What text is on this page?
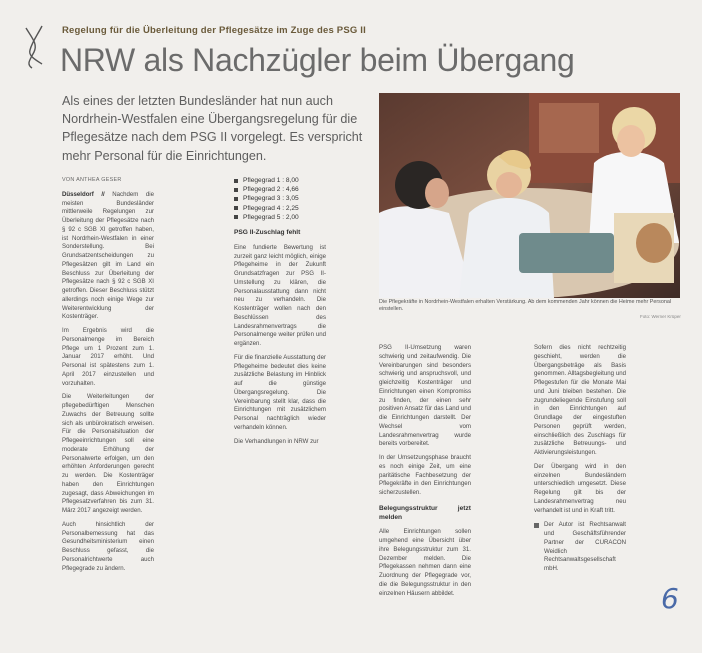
Regelung für die Überleitung der Pflegesätze im Zuge des PSG II
NRW als Nachzügler beim Übergang
Als eines der letzten Bundesländer hat nun auch Nordrhein-Westfalen eine Übergangsregelung für die Pflegesätze nach dem PSG II vorgelegt. Es verspricht mehr Personal für die Einrichtungen.
Die Pflegekräfte in Nordrhein-Westfalen erhalten Verstärkung. Ab dem kommenden Jahr können die Heime mehr Personal einstellen.
Foto: Werner Krüper
VON ANTHEA GESER

Düsseldorf // Nachdem die meisten Bundesländer mittlerweile Regelungen zur Überleitung der Pflegesätze nach § 92 c SGB XI getroffen haben, ist Nordrhein-Westfalen in einer Sonderstellung. Bei Grundsatzentscheidungen zu Pflegesätzen gilt im Land ein Beschluss zur Überleitung der Pflegesätze nach § 92 c SGB XI getroffen. Dieser Beschluss stützt allerdings noch einige Wege zur Weiterentwicklung der Kostenträger.

Im Ergebnis wird die Personalmenge im Bereich Pflege um 1 Prozent zum 1. Januar 2017 erhöht. Und Personal ist spätestens zum 1. April 2017 einzustellen und vorzuhalten.

Die Weiterleitungen der pflegebedürftigen Menschen Zuwachs der Betreuung sollte sich als unbürokratisch erweisen. Für die Personalsituation der Pflegeeinrichtungen soll eine moderate Erhöhung der Personalwerte erfolgen, um den erhöhten Anforderungen gerecht zu werden. Die Kostenträger haben den Einrichtungen zugesagt, dass Abweichungen im Pflegesatzverfahren bis zum 31. März 2017 angezeigt werden.

Auch hinsichtlich der Personalbemessung hat das Gesundheitsministerium einen Beschluss gefasst, die Personalrichtwerte auch Pflegegrade zu ändern.

Pflegegrad 1 : 8,00
Pflegegrad 2 : 4,66
Pflegegrad 3 : 3,05
Pflegegrad 4 : 2,25
Pflegegrad 5 : 2,00
PSG II-Zuschlag fehlt

Eine fundierte Bewertung ist zurzeit ganz leicht möglich, einige Pflegeheime in der Zukunft Grundsatzfragen zur PSG II-Umstellung zu klären, die Personalausstattung dann nicht neu zu verhandeln. Die Kostenträger wollen nach den Beschlüssen des Landesrahmenvertrags die Personalmenge weiter prüfen und ergänzen.

Für die finanzielle Ausstattung der Pflegeheime bedeutet dies keine zusätzliche Belastung im Hinblick auf die günstige Übergangsregelung. Die Vereinbarung stellt klar, dass die Einrichtungen mit zusätzlichem Personal nachträglich wieder verhandeln können.

Die Verhandlungen in NRW zur

PSG II-Umsetzung waren schwierig und zeitaufwendig. Die Vereinbarungen sind besonders schwierig und anspruchsvoll, und gleichzeitig Kostenträger und Einrichtungen einen Kompromiss zu finden, der einen sehr positiven Ansatz für das Land und die Einrichtungen darstellt. Der Wechsel vom Landesrahmenvertrag wurde bereits vorbereitet.

In der Umsetzungsphase braucht es noch einige Zeit, um eine paritätische Fachbesetzung der Pflegekräfte in den Einrichtungen sicherzustellen.

Belegungsstruktur jetzt melden

Alle Einrichtungen sollen umgehend eine Übersicht über ihre Belegungsstruktur zum 31. Dezember melden. Die Pflegekassen nehmen dann eine Zuordnung der Pflegegrade vor, die die Belegungsstruktur in den einzelnen Häusern abbildet.

Sofern dies nicht rechtzeitig geschieht, werden die Übergangsbeträge als Basis genommen. Alltagsbegleitung und Pflegestufen für die Monate Mai und Juni bleiben bestehen. Die zugrundeliegende Einstufung soll in den Einrichtungen auf Grundlage der eingestuften Personen geprüft werden, einschließlich des Zuschlags für zusätzliche Betreuungs- und Aktivierungsleistungen.

Der Übergang wird in den einzelnen Bundesländern unterschiedlich umgesetzt. Diese Regelung gilt bis der Landesrahmenvertrag neu verhandelt ist und in Kraft tritt.

Der Autor ist Rechtsanwalt und Geschäftsführender Partner der CURACON Weidlich Rechtsanwaltsgesellschaft mbH.
6
